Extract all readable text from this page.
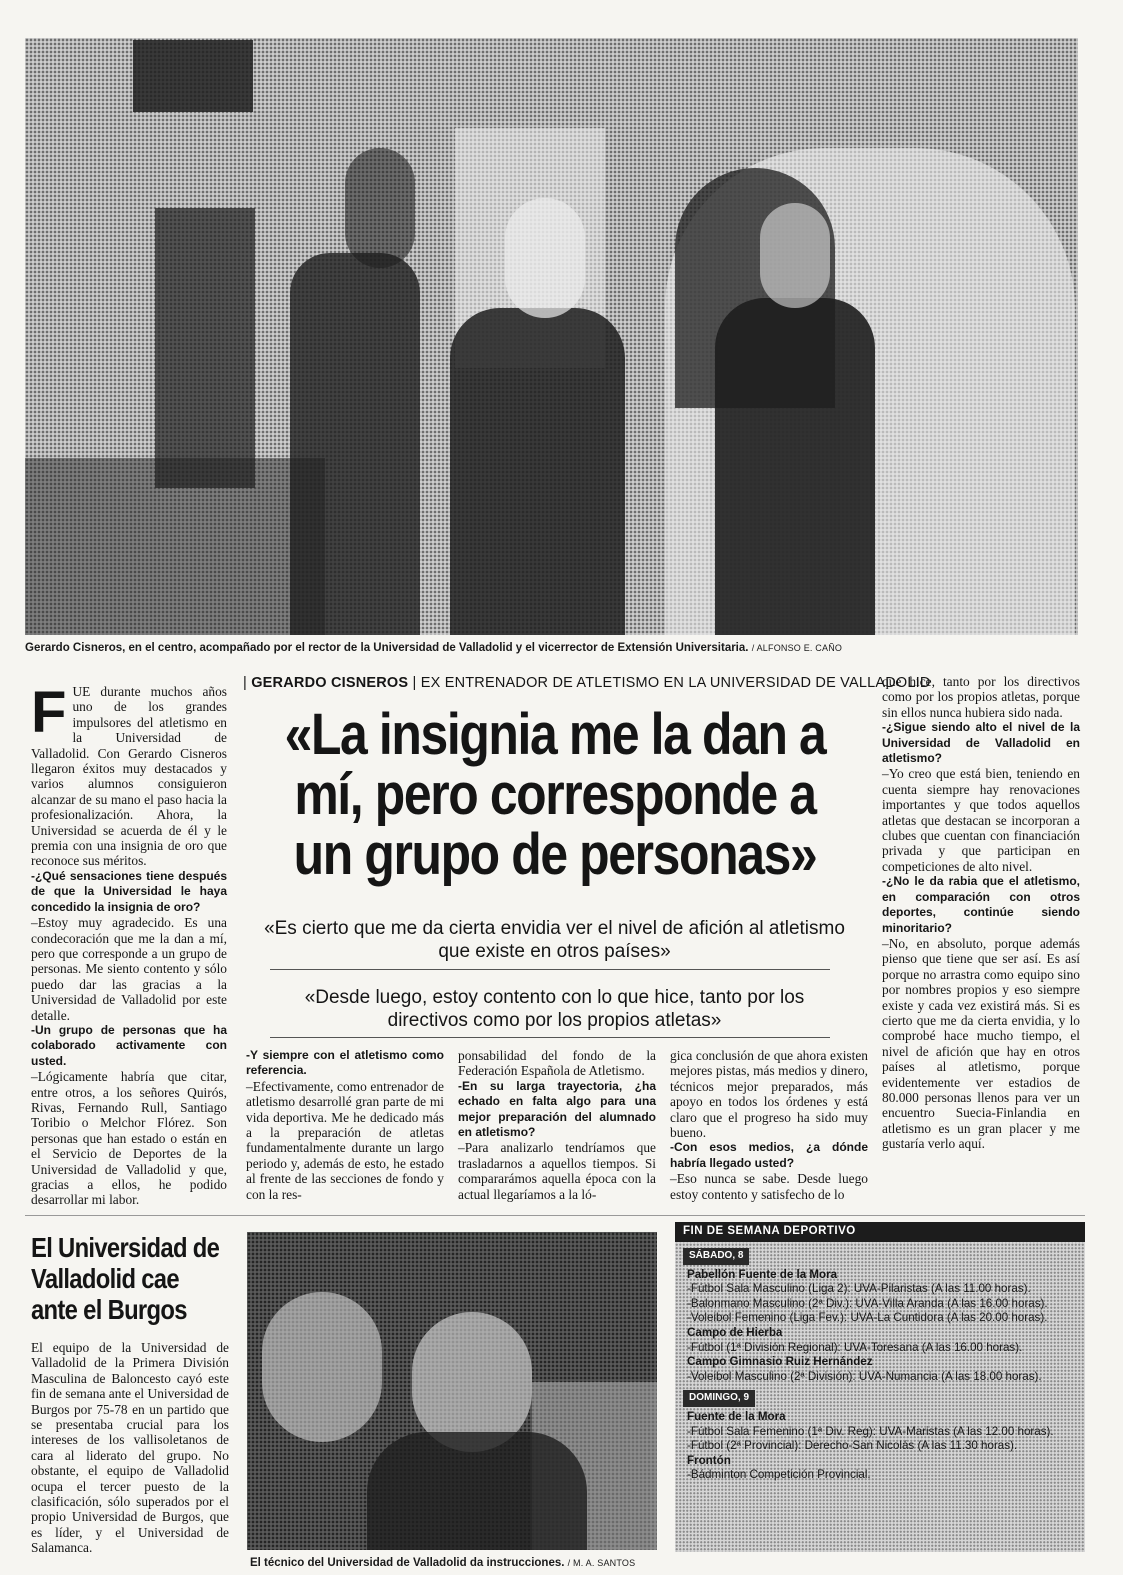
Gerardo Cisneros, en el centro, acompañado por el rector de la Universidad de Valladolid y el vicerrector de Extensión Universitaria. / ALFONSO E. CAÑO

FUE durante muchos años uno de los grandes impulsores del atletismo en la Universidad de Valladolid. Con Gerardo Cisneros llegaron éxitos muy destacados y varios alumnos consiguieron alcanzar de su mano el paso hacia la profesionalización. Ahora, la Universidad se acuerda de él y le premia con una insignia de oro que reconoce sus méritos.

-¿Qué sensaciones tiene después de que la Universidad le haya concedido la insignia de oro?

–Estoy muy agradecido. Es una condecoración que me la dan a mí, pero que corresponde a un grupo de personas. Me siento contento y sólo puedo dar las gracias a la Universidad de Valladolid por este detalle.

-Un grupo de personas que ha colaborado activamente con usted.

–Lógicamente habría que citar, entre otros, a los señores Quirós, Rivas, Fernando Rull, Santiago Toribio o Melchor Flórez. Son personas que han estado o están en el Servicio de Deportes de la Universidad de Valladolid y que, gracias a ellos, he podido desarrollar mi labor.

| GERARDO CISNEROS | EX ENTRENADOR DE ATLETISMO EN LA UNIVERSIDAD DE VALLADOLID
«La insignia me la dan a
mí, pero corresponde a
un grupo de personas»
«Es cierto que me da cierta envidia ver el nivel de afición al atletismo que existe en otros países»
«Desde luego, estoy contento con lo que hice, tanto por los directivos como por los propios atletas»

-Y siempre con el atletismo como referencia.

–Efectivamente, como entrenador de atletismo desarrollé gran parte de mi vida deportiva. Me he dedicado más a la preparación de atletas fundamentalmente durante un largo periodo y, además de esto, he estado al frente de las secciones de fondo y con la res-

ponsabilidad del fondo de la Federación Española de Atletismo.

-En su larga trayectoria, ¿ha echado en falta algo para una mejor preparación del alumnado en atletismo?

–Para analizarlo tendríamos que trasladarnos a aquellos tiempos. Si compararámos aquella época con la actual llegaríamos a la ló-

gica conclusión de que ahora existen mejores pistas, más medios y dinero, técnicos mejor preparados, más apoyo en todos los órdenes y está claro que el progreso ha sido muy bueno.

-Con esos medios, ¿a dónde habría llegado usted?

–Eso nunca se sabe. Desde luego estoy contento y satisfecho de lo

que hice, tanto por los directivos como por los propios atletas, porque sin ellos nunca hubiera sido nada.

-¿Sigue siendo alto el nivel de la Universidad de Valladolid en atletismo?

–Yo creo que está bien, teniendo en cuenta siempre hay renovaciones importantes y que todos aquellos atletas que destacan se incorporan a clubes que cuentan con financiación privada y que participan en competiciones de alto nivel.

-¿No le da rabia que el atletismo, en comparación con otros deportes, continúe siendo minoritario?

–No, en absoluto, porque además pienso que tiene que ser así. Es así porque no arrastra como equipo sino por nombres propios y eso siempre existe y cada vez existirá más. Si es cierto que me da cierta envidia, y lo comprobé hace mucho tiempo, el nivel de afición que hay en otros países al atletismo, porque evidentemente ver estadios de 80.000 personas llenos para ver un encuentro Suecia-Finlandia en atletismo es un gran placer y me gustaría verlo aquí.

El Universidad de
Valladolid cae
ante el Burgos
El equipo de la Universidad de Valladolid de la Primera División Masculina de Baloncesto cayó este fin de semana ante el Universidad de Burgos por 75-78 en un partido que se presentaba crucial para los intereses de los vallisoletanos de cara al liderato del grupo. No obstante, el equipo de Valladolid ocupa el tercer puesto de la clasificación, sólo superados por el propio Universidad de Burgos, que es líder, y el Universidad de Salamanca.
El técnico del Universidad de Valladolid da instrucciones. / M. A. SANTOS
FIN DE SEMANA DEPORTIVO
SÁBADO, 8
Pabellón Fuente de la Mora
-Fútbol Sala Masculino (Liga 2): UVA-Pilaristas (A las 11.00 horas).
-Balonmano Masculino (2ª Div.): UVA-Villa Aranda (A las 16.00 horas).
-Voleibol Femenino (Liga Fev.): UVA-La Cuntidora (A las 20.00 horas).
Campo de Hierba
-Fútbol (1ª División Regional): UVA-Toresana (A las 16.00 horas).
Campo Gimnasio Ruiz Hernández
-Voleibol Masculino (2ª División): UVA-Numancia (A las 18.00 horas).
DOMINGO, 9
Fuente de la Mora
-Fútbol Sala Femenino (1ª Div. Reg): UVA-Maristas (A las 12.00 horas).
-Fútbol (2ª Provincial): Derecho-San Nicolás (A las 11.30 horas).
Frontón
-Bádminton Competición Provincial.
